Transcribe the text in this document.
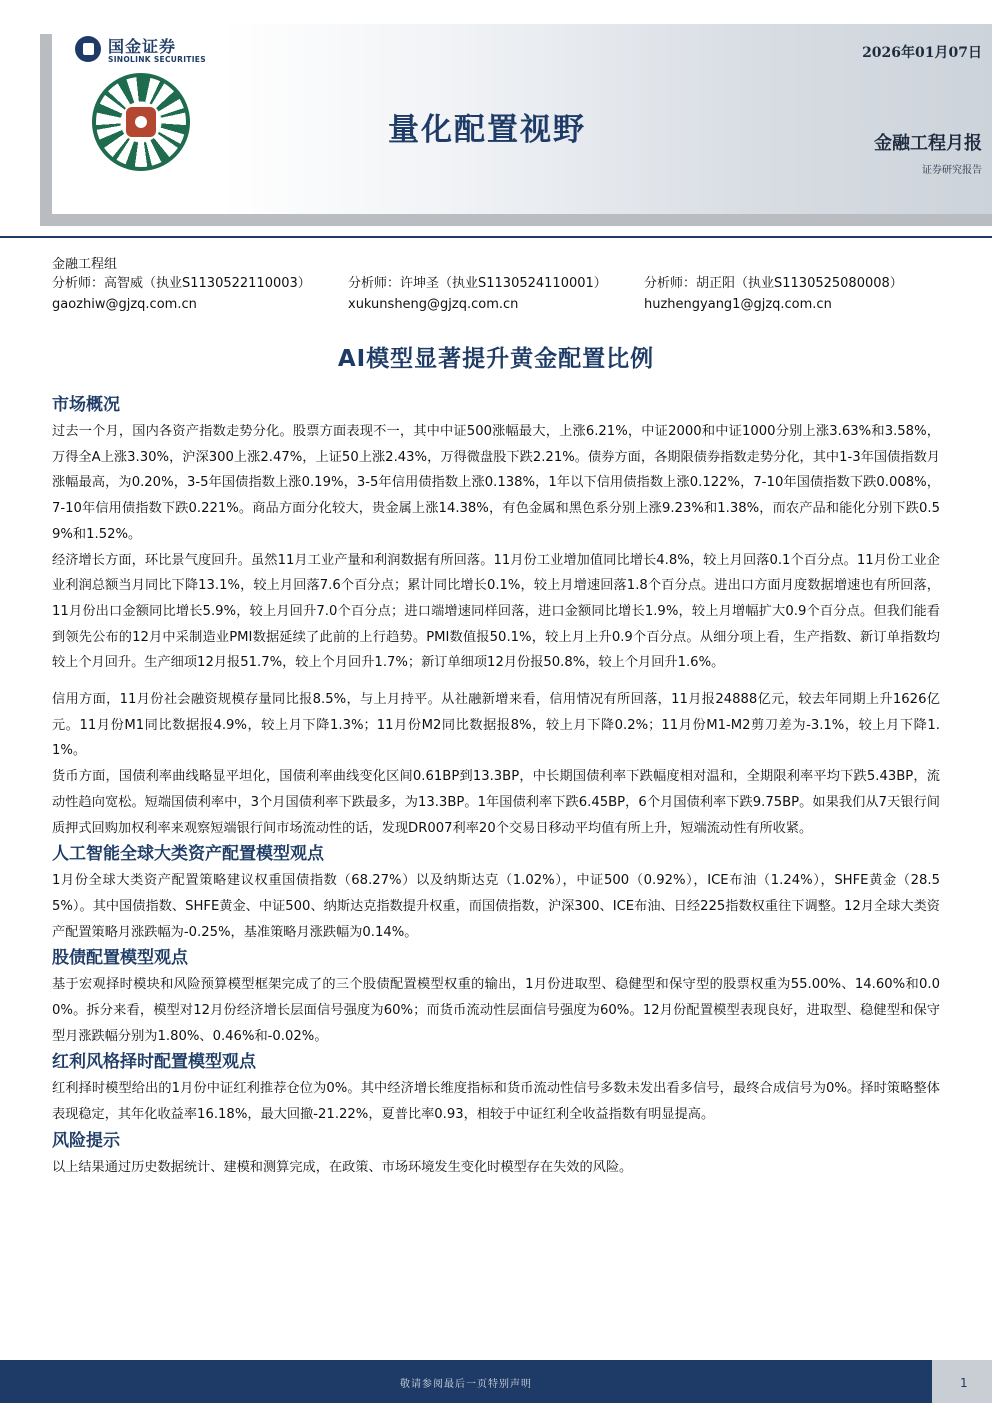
国金证券
SINOLINK SECURITIES	2026年01月07日
量化配置视野	金融工程月报
证券研究报告
金融工程组
分析师：高智威（执业S1130522110003）
gaozhiw@gjzq.com.cn
分析师：许坤圣（执业S1130524110001）
xukunsheng@gjzq.com.cn
分析师：胡正阳（执业S1130525080008）
huzhengyang1@gjzq.com.cn
AI模型显著提升黄金配置比例
市场概况

过去一个月，国内各资产指数走势分化。股票方面表现不一，其中中证500涨幅最大，上涨6.21%，中证2000和中证1000分别上涨3.63%和3.58%，万得全A上涨3.30%，沪深300上涨2.47%，上证50上涨2.43%，万得微盘股下跌2.21%。债券方面，各期限债券指数走势分化，其中1-3年国债指数月涨幅最高，为0.20%，3-5年国债指数上涨0.19%，3-5年信用债指数上涨0.138%，1年以下信用债指数上涨0.122%，7-10年国债指数下跌0.008%，7-10年信用债指数下跌0.221%。商品方面分化较大，贵金属上涨14.38%，有色金属和黑色系分别上涨9.23%和1.38%，而农产品和能化分别下跌0.59%和1.52%。

经济增长方面，环比景气度回升。虽然11月工业产量和利润数据有所回落。11月份工业增加值同比增长4.8%，较上月回落0.1个百分点。11月份工业企业利润总额当月同比下降13.1%，较上月回落7.6个百分点；累计同比增长0.1%，较上月增速回落1.8个百分点。进出口方面月度数据增速也有所回落，11月份出口金额同比增长5.9%，较上月回升7.0个百分点；进口端增速同样回落，进口金额同比增长1.9%，较上月增幅扩大0.9个百分点。但我们能看到领先公布的12月中采制造业PMI数据延续了此前的上行趋势。PMI数值报50.1%，较上月上升0.9个百分点。从细分项上看，生产指数、新订单指数均较上个月回升。生产细项12月报51.7%，较上个月回升1.7%；新订单细项12月份报50.8%，较上个月回升1.6%。

信用方面，11月份社会融资规模存量同比报8.5%，与上月持平。从社融新增来看，信用情况有所回落，11月报24888亿元，较去年同期上升1626亿元。11月份M1同比数据报4.9%，较上月下降1.3%；11月份M2同比数据报8%，较上月下降0.2%；11月份M1-M2剪刀差为-3.1%，较上月下降1.1%。

货币方面，国债利率曲线略显平坦化，国债利率曲线变化区间0.61BP到13.3BP，中长期国债利率下跌幅度相对温和，全期限利率平均下跌5.43BP，流动性趋向宽松。短端国债利率中，3个月国债利率下跌最多，为13.3BP。1年国债利率下跌6.45BP，6个月国债利率下跌9.75BP。如果我们从7天银行间质押式回购加权利率来观察短端银行间市场流动性的话，发现DR007利率20个交易日移动平均值有所上升，短端流动性有所收紧。

人工智能全球大类资产配置模型观点

1月份全球大类资产配置策略建议权重国债指数（68.27%）以及纳斯达克（1.02%），中证500（0.92%），ICE布油（1.24%），SHFE黄金（28.55%）。其中国债指数、SHFE黄金、中证500、纳斯达克指数提升权重，而国债指数，沪深300、ICE布油、日经225指数权重往下调整。12月全球大类资产配置策略月涨跌幅为-0.25%，基准策略月涨跌幅为0.14%。

股债配置模型观点

基于宏观择时模块和风险预算模型框架完成了的三个股债配置模型权重的输出，1月份进取型、稳健型和保守型的股票权重为55.00%、14.60%和0.00%。拆分来看，模型对12月份经济增长层面信号强度为60%；而货币流动性层面信号强度为60%。12月份配置模型表现良好，进取型、稳健型和保守型月涨跌幅分别为1.80%、0.46%和-0.02%。

红利风格择时配置模型观点

红利择时模型给出的1月份中证红利推荐仓位为0%。其中经济增长维度指标和货币流动性信号多数未发出看多信号，最终合成信号为0%。择时策略整体表现稳定，其年化收益率16.18%，最大回撤-21.22%，夏普比率0.93，相较于中证红利全收益指数有明显提高。

风险提示

以上结果通过历史数据统计、建模和测算完成，在政策、市场环境发生变化时模型存在失效的风险。

敬请参阅最后一页特别声明	1
